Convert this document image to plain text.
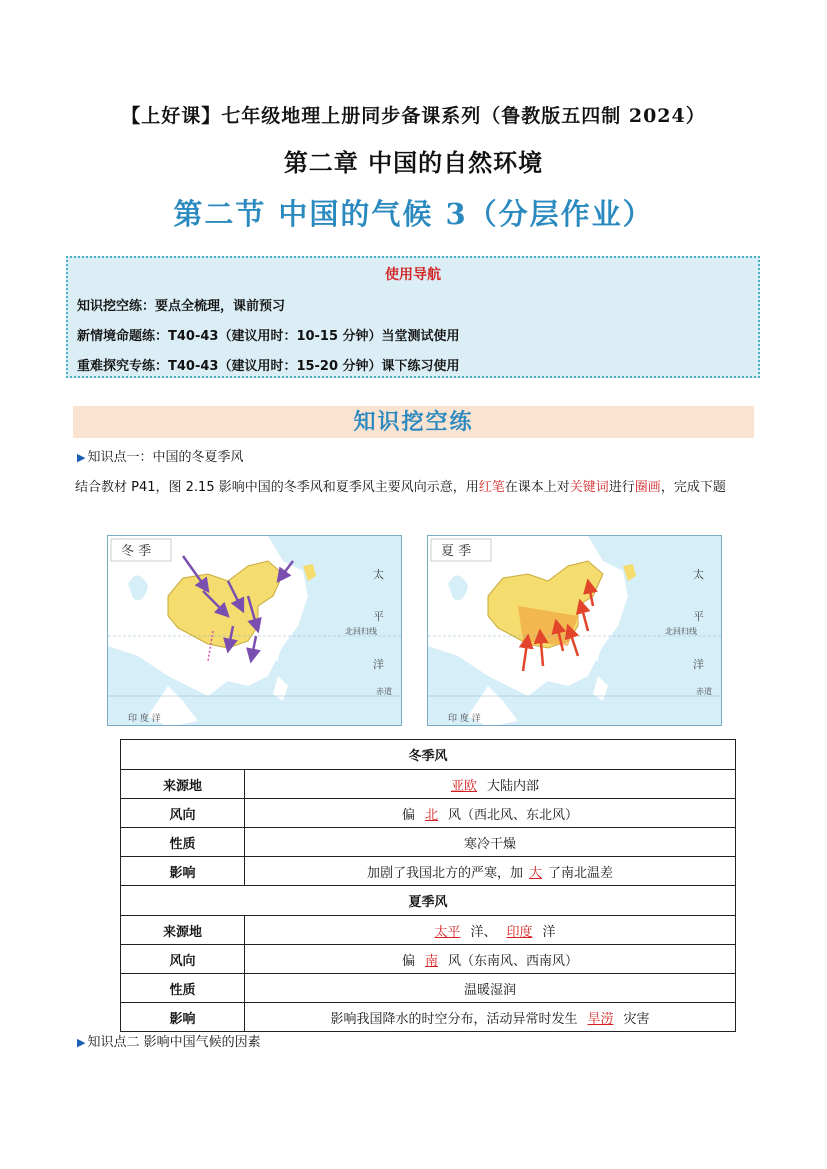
【上好课】七年级地理上册同步备课系列（鲁教版五四制 2024）
第二章 中国的自然环境
第二节 中国的气候 3（分层作业）
使用导航
知识挖空练：要点全梳理，课前预习
新情境命题练：T40-43（建议用时：10-15 分钟）当堂测试使用
重难探究专练：T40-43（建议用时：15-20 分钟）课下练习使用
知识挖空练
▶ 知识点一：中国的冬夏季风
结合教材 P41，图 2.15 影响中国的冬季风和夏季风主要风向示意，用红笔在课本上对关键词进行圈画，完成下题
冬 季
太
平
洋
北回归线
赤道
印 度 洋
夏 季
太
平
洋
北回归线
赤道
印 度 洋
冬季风	
来源地	亚欧 大陆内部
风向	偏 北 风（西北风、东北风）
性质	寒冷干燥
影响	加剧了我国北方的严寒，加 大 了南北温差
夏季风	
来源地	太平 洋、 印度 洋
风向	偏 南 风（东南风、西南风）
性质	温暖湿润
影响	影响我国降水的时空分布，活动异常时发生 旱涝 灾害
▶ 知识点二 影响中国气候的因素
